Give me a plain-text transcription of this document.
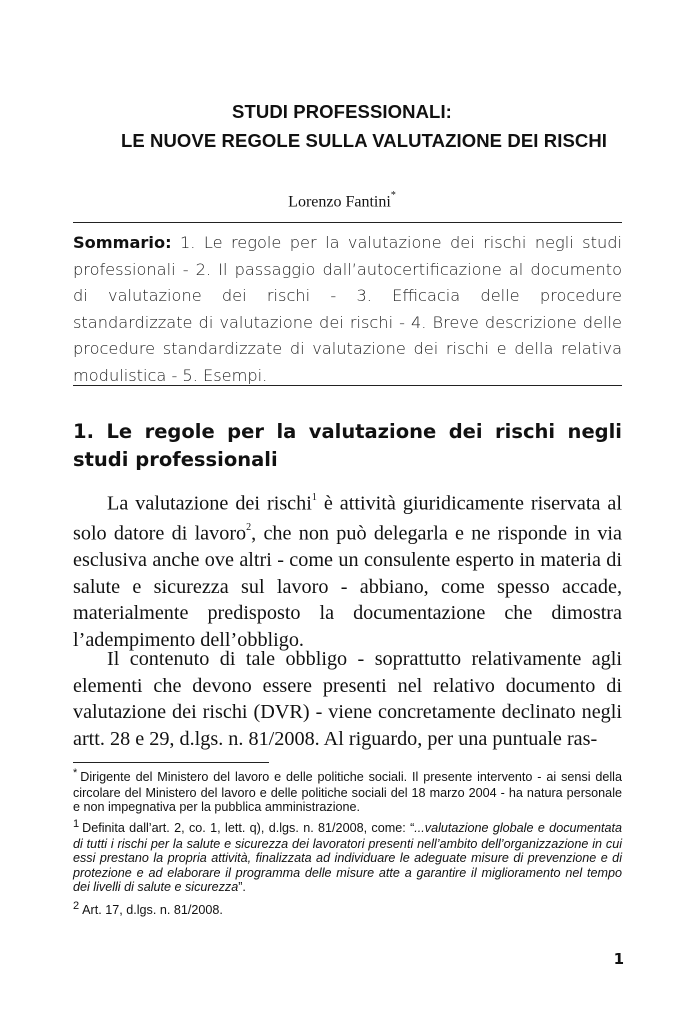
STUDI PROFESSIONALI:
LE NUOVE REGOLE SULLA VALUTAZIONE DEI RISCHI
Lorenzo Fantini*
Sommario: 1. Le regole per la valutazione dei rischi negli studi professionali - 2. Il passaggio dall’autocertificazione al documento di valutazione dei rischi - 3. Efficacia delle procedure standardizzate di valutazione dei rischi - 4. Breve descrizione delle procedure standardizzate di valutazione dei rischi e della relativa modulistica - 5. Esempi.
1. Le regole per la valutazione dei rischi negli studi professionali
La valutazione dei rischi$^1$ è attività giuridicamente riservata al solo datore di lavoro$^2$, che non può delegarla e ne risponde in via esclusiva anche ove altri - come un consulente esperto in materia di salute e sicurezza sul lavoro - abbiano, come spesso accade, materialmente predisposto la documentazione che dimostra l’adempimento dell’obbligo.
Il contenuto di tale obbligo - soprattutto relativamente agli elementi che devono essere presenti nel relativo documento di valutazione dei rischi (DVR) - viene concretamente declinato negli artt. 28 e 29, d.lgs. n. 81/2008. Al riguardo, per una puntuale ras-
* Dirigente del Ministero del lavoro e delle politiche sociali. Il presente intervento - ai sensi della circolare del Ministero del lavoro e delle politiche sociali del 18 marzo 2004 - ha natura personale e non impegnativa per la pubblica amministrazione.
1 Definita dall’art. 2, co. 1, lett. q), d.lgs. n. 81/2008, come: “...valutazione globale e documentata di tutti i rischi per la salute e sicurezza dei lavoratori presenti nell’ambito dell’organizzazione in cui essi prestano la propria attività, finalizzata ad individuare le adeguate misure di prevenzione e di protezione e ad elaborare il programma delle misure atte a garantire il miglioramento nel tempo dei livelli di salute e sicurezza”.
2 Art. 17, d.lgs. n. 81/2008.
1
